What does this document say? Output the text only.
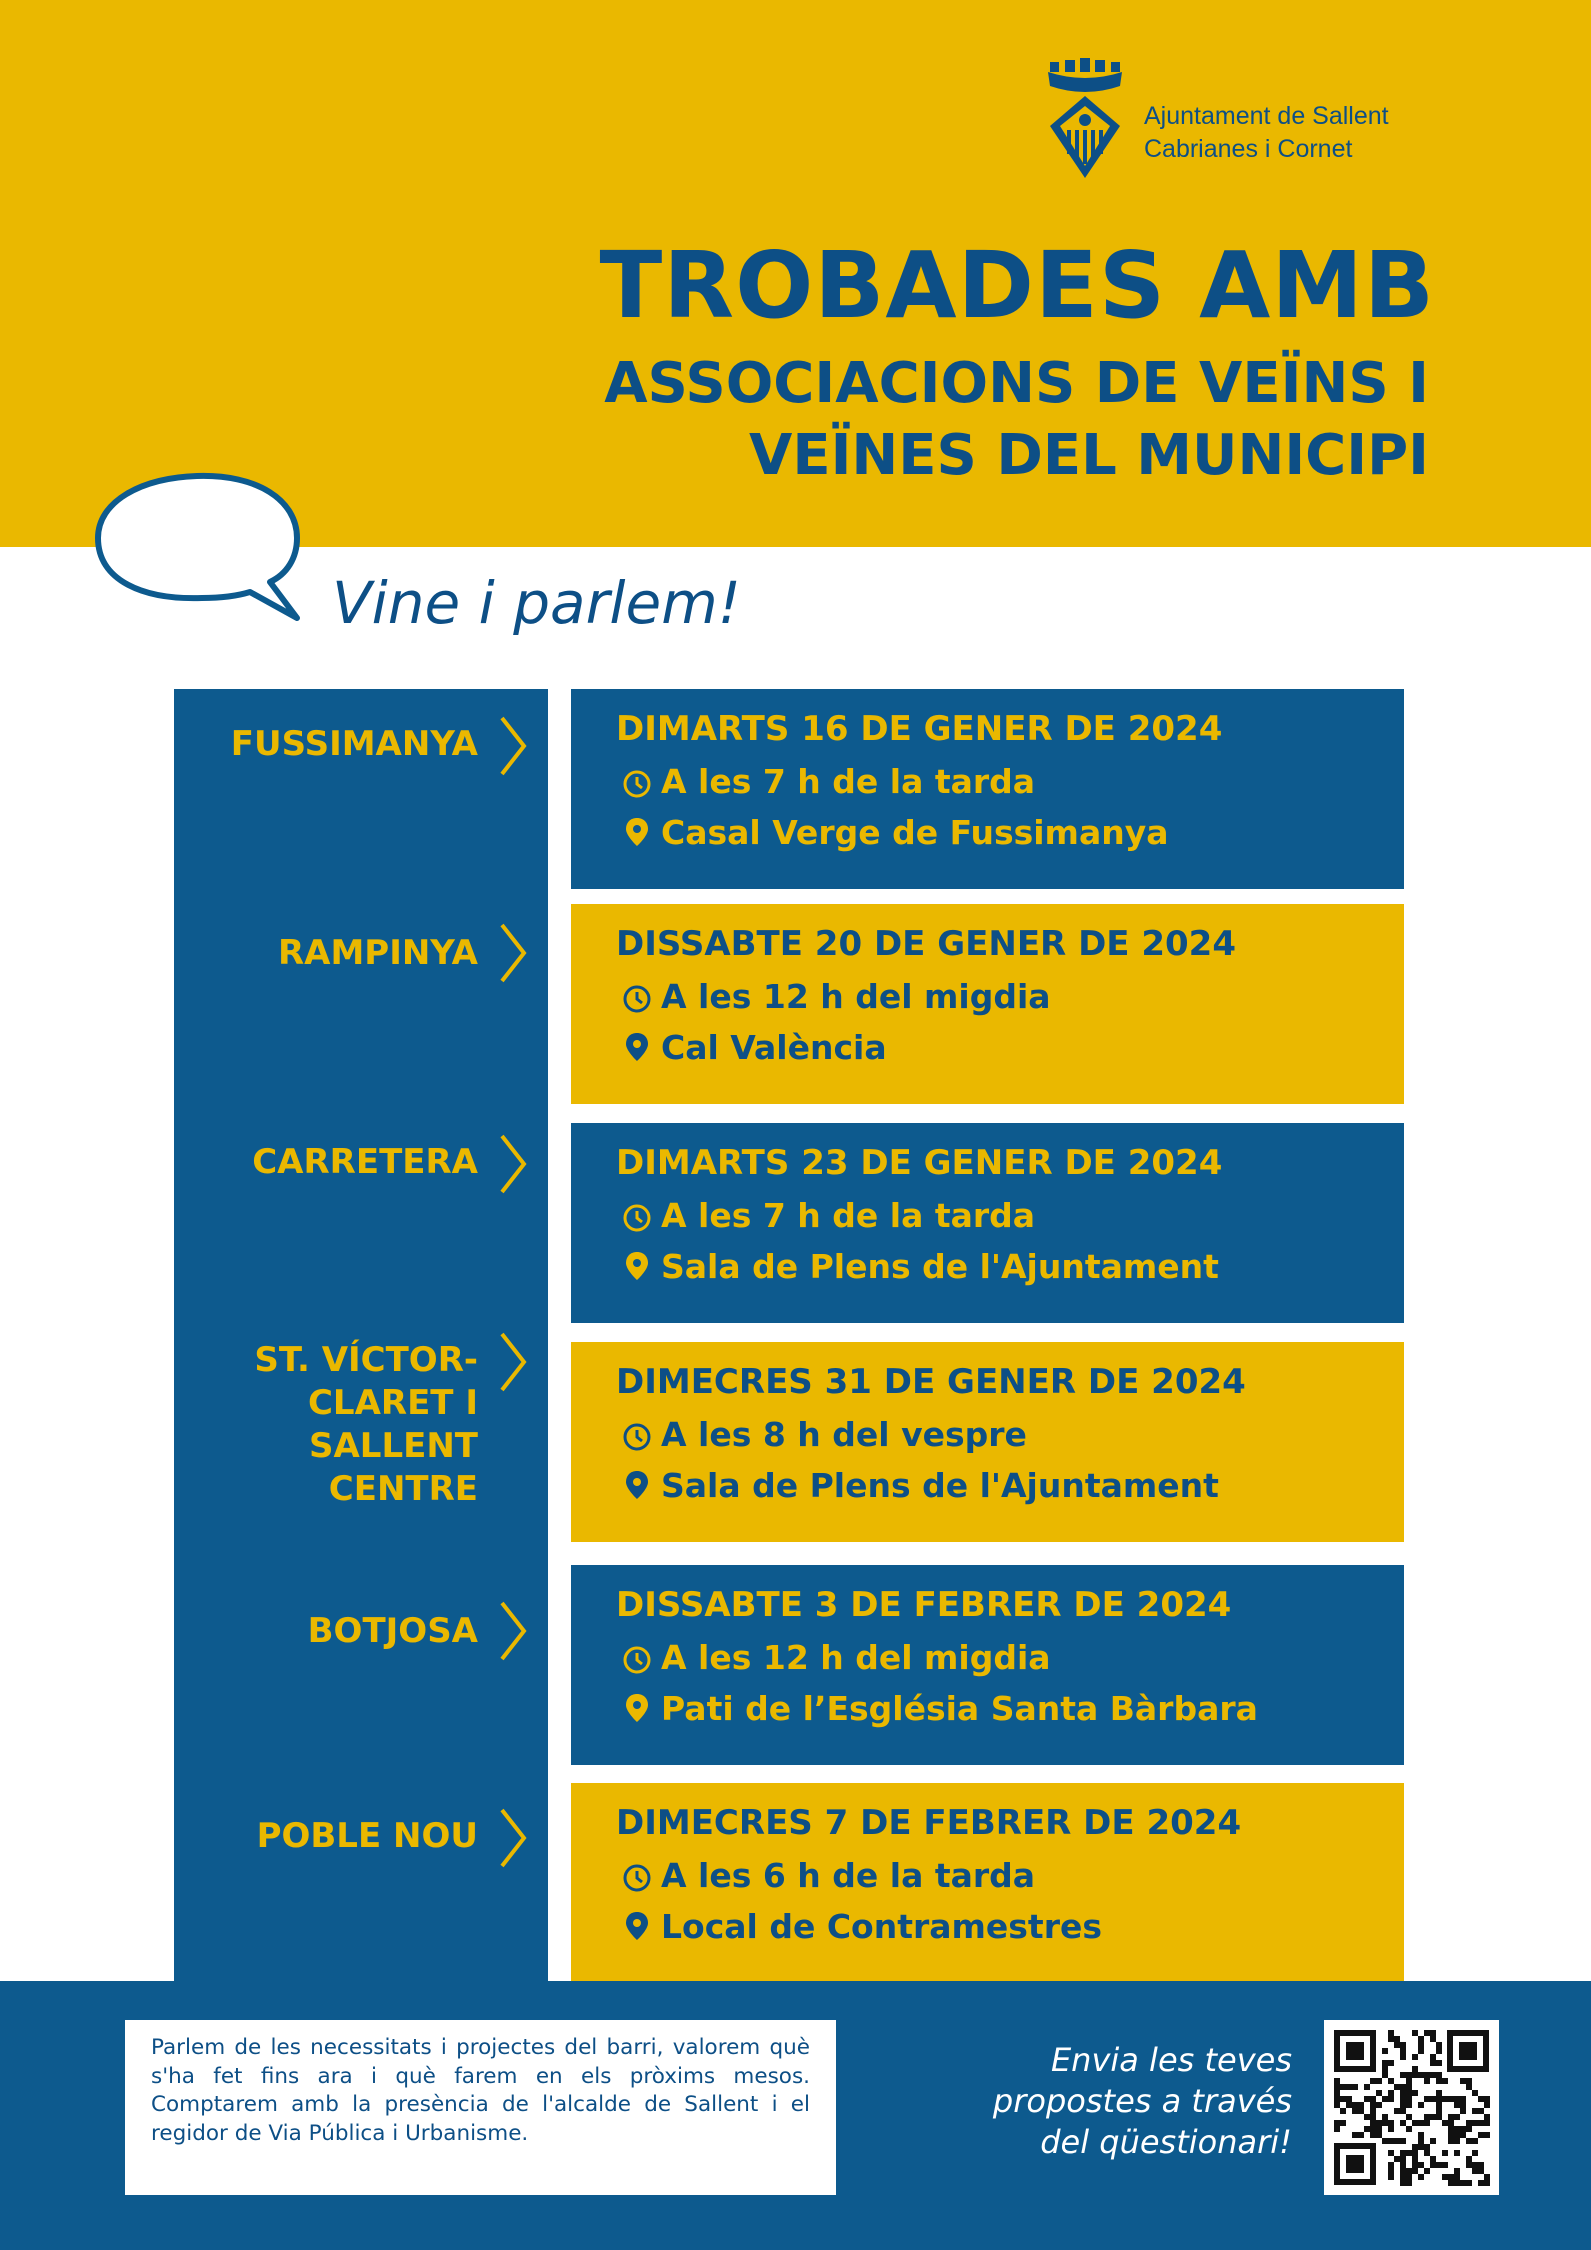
Ajuntament de Sallent
Cabrianes i Cornet
TROBADES AMB
ASSOCIACIONS DE VEÏNS I
VEÏNES DEL MUNICIPI
Vine i parlem!
FUSSIMANYA
RAMPINYA
CARRETERA
ST. VÍCTOR-
CLARET I
SALLENT
CENTRE
BOTJOSA
POBLE NOU
DIMARTS 16 DE GENER DE 2024
A les 7 h de la tarda
Casal Verge de Fussimanya
DISSABTE 20 DE GENER DE 2024
A les 12 h del migdia
Cal València
DIMARTS 23 DE GENER DE 2024
A les 7 h de la tarda
Sala de Plens de l'Ajuntament
DIMECRES 31 DE GENER DE 2024
A les 8 h del vespre
Sala de Plens de l'Ajuntament
DISSABTE 3 DE FEBRER DE 2024
A les 12 h del migdia
Pati de l’Església Santa Bàrbara
DIMECRES 7 DE FEBRER DE 2024
A les 6 h de la tarda
Local de Contramestres

Parlem de les necessitats i projectes del barri, valorem què s'ha fet fins ara i què farem en els pròxims mesos. Comptarem amb la presència de l'alcalde de Sallent i el regidor de Via Pública i Urbanisme.

Envia les teves
propostes a través
del qüestionari!
